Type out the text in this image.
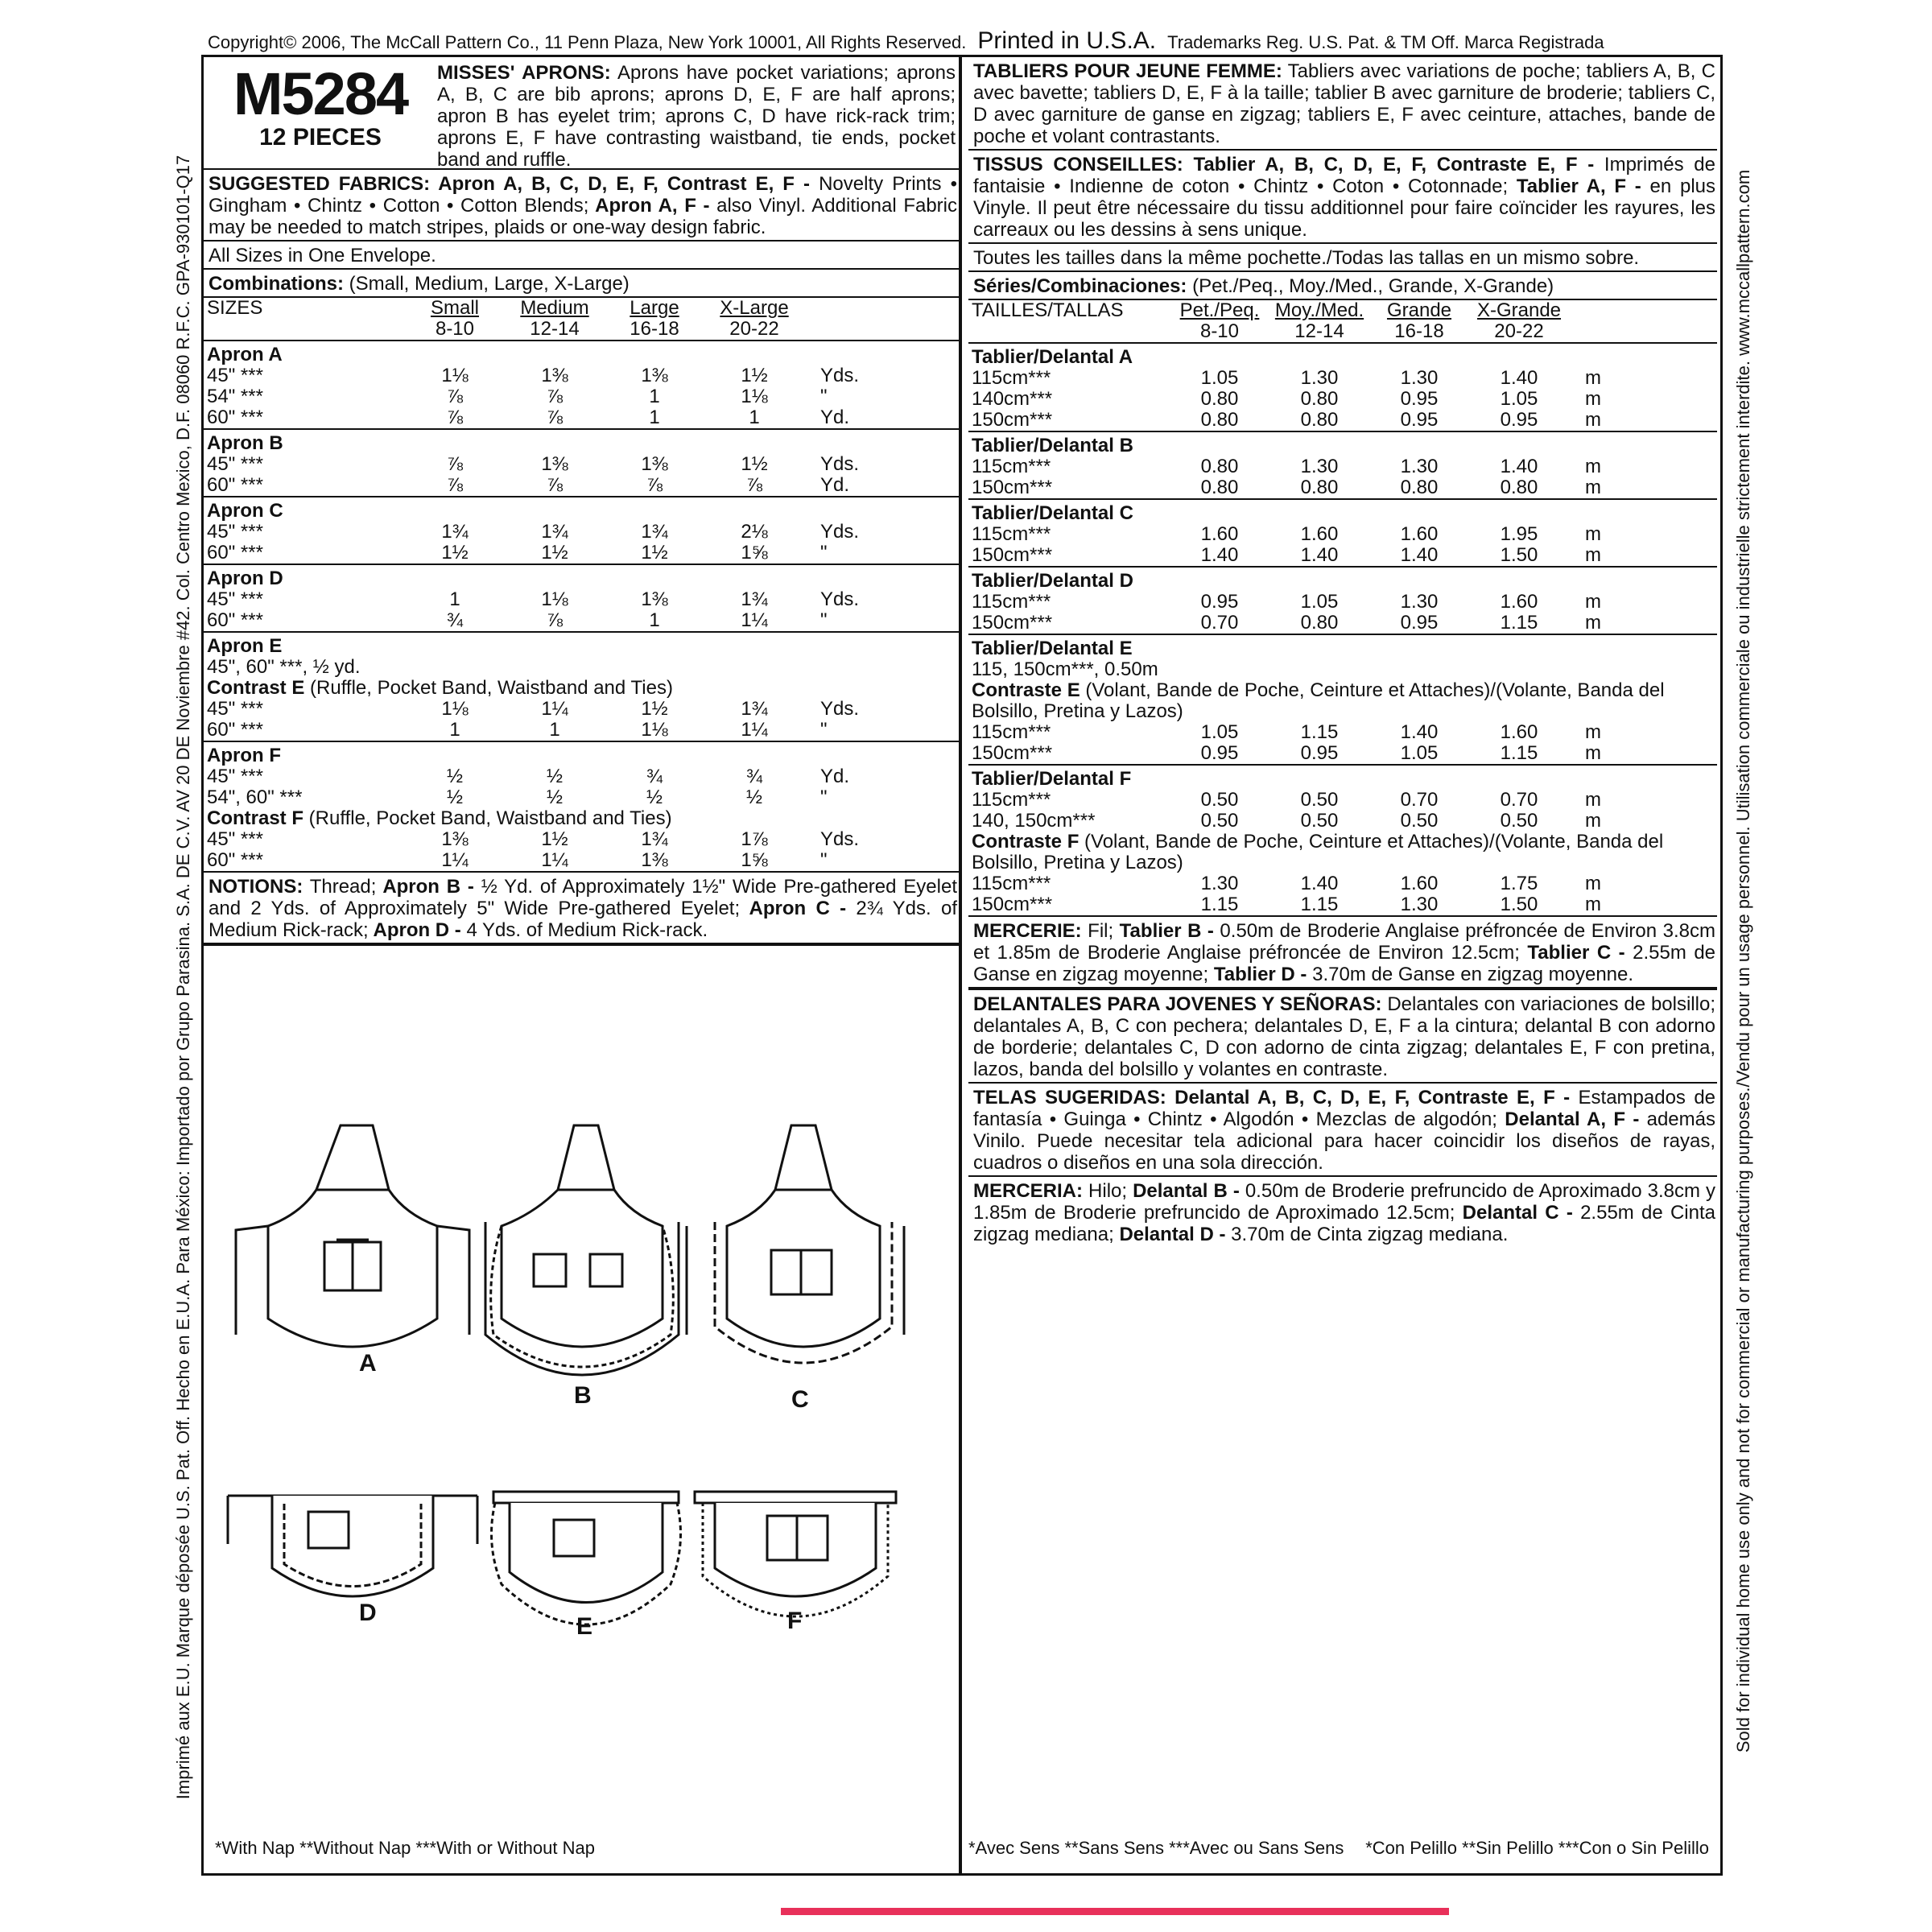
Copyright© 2006, The McCall Pattern Co., 11 Penn Plaza, New York 10001, All Rights Reserved. Printed in U.S.A. Trademarks Reg. U.S. Pat. & TM Off. Marca Registrada
Imprimé aux E.U. Marque déposée U.S. Pat. Off. Hecho en E.U.A. Para México: Importado por Grupo Parasina. S.A. DE C.V. AV 20 DE Noviembre #42. Col. Centro Mexico, D.F. 08060 R.F.C. GPA-930101-Q17	Sold for individual home use only and not for commercial or manufacturing purposes./Vendu pour un usage personnel. Utilisation commerciale ou industrielle strictement interdite. www.mccallpattern.com
M5284
12 PIECES
MISSES' APRONS: Aprons have pocket variations; aprons A, B, C are bib aprons; aprons D, E, F are half aprons; apron B has eyelet trim; aprons C, D have rick-rack trim; aprons E, F have contrasting waistband, tie ends, pocket band and ruffle.
SUGGESTED FABRICS: Apron A, B, C, D, E, F, Contrast E, F - Novelty Prints • Gingham • Chintz • Cotton • Cotton Blends; Apron A, F - also Vinyl. Additional Fabric may be needed to match stripes, plaids or one-way design fabric.
All Sizes in One Envelope.
Combinations: (Small, Medium, Large, X-Large)
SIZES	Small	Medium	Large	X-Large	
	8-10	12-14	16-18	20-22	
Apron A					
45" ***	1⅛	1⅜	1⅜	1½	Yds.
54" ***	⅞	⅞	1	1⅛	"
60" ***	⅞	⅞	1	1	Yd.
Apron B					
45" ***	⅞	1⅜	1⅜	1½	Yds.
60" ***	⅞	⅞	⅞	⅞	Yd.
Apron C					
45" ***	1¾	1¾	1¾	2⅛	Yds.
60" ***	1½	1½	1½	1⅝	"
Apron D					
45" ***	1	1⅛	1⅜	1¾	Yds.
60" ***	¾	⅞	1	1¼	"
Apron E					
45", 60" ***, ½ yd.					
Contrast E (Ruffle, Pocket Band, Waistband and Ties)					
45" ***	1⅛	1¼	1½	1¾	Yds.
60" ***	1	1	1⅛	1¼	"
Apron F					
45" ***	½	½	¾	¾	Yd.
54", 60" ***	½	½	½	½	"
Contrast F (Ruffle, Pocket Band, Waistband and Ties)					
45" ***	1⅜	1½	1¾	1⅞	Yds.
60" ***	1¼	1¼	1⅜	1⅝	"
NOTIONS: Thread; Apron B - ½ Yd. of Approximately 1½" Wide Pre-gathered Eyelet and 2 Yds. of Approximately 5" Wide Pre-gathered Eyelet; Apron C - 2¾ Yds. of Medium Rick-rack; Apron D - 4 Yds. of Medium Rick-rack.
A
B	C
D
E	F
*With Nap **Without Nap ***With or Without Nap
TABLIERS POUR JEUNE FEMME: Tabliers avec variations de poche; tabliers A, B, C avec bavette; tabliers D, E, F à la taille; tablier B avec garniture de broderie; tabliers C, D avec garniture de ganse en zigzag; tabliers E, F avec ceinture, attaches, bande de poche et volant contrastants.
TISSUS CONSEILLES: Tablier A, B, C, D, E, F, Contraste E, F - Imprimés de fantaisie • Indienne de coton • Chintz • Coton • Cotonnade; Tablier A, F - en plus Vinyle. Il peut être nécessaire du tissu additionnel pour faire coïncider les rayures, les carreaux ou les dessins à sens unique.
Toutes les tailles dans la même pochette./Todas las tallas en un mismo sobre.
Séries/Combinaciones: (Pet./Peq., Moy./Med., Grande, X-Grande)
TAILLES/TALLAS	Pet./Peq.	Moy./Med.	Grande	X-Grande	
	8-10	12-14	16-18	20-22	
Tablier/Delantal A					
115cm***	1.05	1.30	1.30	1.40	m
140cm***	0.80	0.80	0.95	1.05	m
150cm***	0.80	0.80	0.95	0.95	m
Tablier/Delantal B					
115cm***	0.80	1.30	1.30	1.40	m
150cm***	0.80	0.80	0.80	0.80	m
Tablier/Delantal C					
115cm***	1.60	1.60	1.60	1.95	m
150cm***	1.40	1.40	1.40	1.50	m
Tablier/Delantal D					
115cm***	0.95	1.05	1.30	1.60	m
150cm***	0.70	0.80	0.95	1.15	m
Tablier/Delantal E					
115, 150cm***, 0.50m					
Contraste E (Volant, Bande de Poche, Ceinture et Attaches)/(Volante, Banda del Bolsillo, Pretina y Lazos)					
115cm***	1.05	1.15	1.40	1.60	m
150cm***	0.95	0.95	1.05	1.15	m
Tablier/Delantal F					
115cm***	0.50	0.50	0.70	0.70	m
140, 150cm***	0.50	0.50	0.50	0.50	m
Contraste F (Volant, Bande de Poche, Ceinture et Attaches)/(Volante, Banda del Bolsillo, Pretina y Lazos)					
115cm***	1.30	1.40	1.60	1.75	m
150cm***	1.15	1.15	1.30	1.50	m
MERCERIE: Fil; Tablier B - 0.50m de Broderie Anglaise préfroncée de Environ 3.8cm et 1.85m de Broderie Anglaise préfroncée de Environ 12.5cm; Tablier C - 2.55m de Ganse en zigzag moyenne; Tablier D - 3.70m de Ganse en zigzag moyenne.
DELANTALES PARA JOVENES Y SEÑORAS: Delantales con variaciones de bolsillo; delantales A, B, C con pechera; delantales D, E, F a la cintura; delantal B con adorno de borderie; delantales C, D con adorno de cinta zigzag; delantales E, F con pretina, lazos, banda del bolsillo y volantes en contraste.
TELAS SUGERIDAS: Delantal A, B, C, D, E, F, Contraste E, F - Estampados de fantasía • Guinga • Chintz • Algodón • Mezclas de algodón; Delantal A, F - además Vinilo. Puede necesitar tela adicional para hacer coincidir los diseños de rayas, cuadros o diseños en una sola dirección.
MERCERIA: Hilo; Delantal B - 0.50m de Broderie prefruncido de Aproximado 3.8cm y 1.85m de Broderie prefruncido de Aproximado 12.5cm; Delantal C - 2.55m de Cinta zigzag mediana; Delantal D - 3.70m de Cinta zigzag mediana.
*Avec Sens **Sans Sens ***Avec ou Sans Sens *Con Pelillo **Sin Pelillo ***Con o Sin Pelillo
